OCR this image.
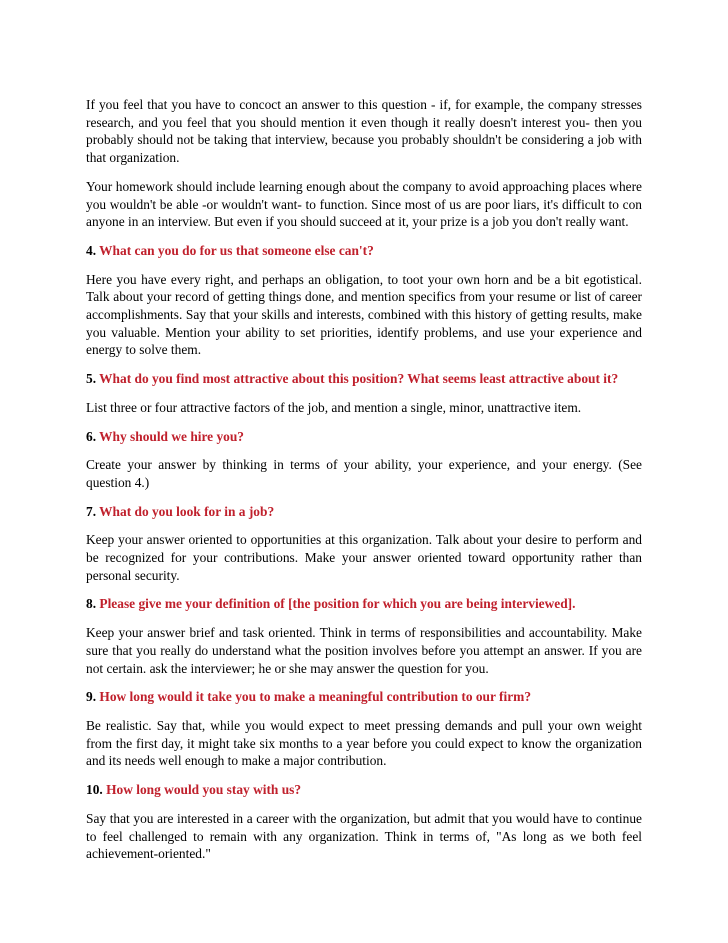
If you feel that you have to concoct an answer to this question - if, for example, the company stresses research, and you feel that you should mention it even though it really doesn't interest you- then you probably should not be taking that interview, because you probably shouldn't be considering a job with that organization.

Your homework should include learning enough about the company to avoid approaching places where you wouldn't be able -or wouldn't want- to function. Since most of us are poor liars, it's difficult to con anyone in an interview. But even if you should succeed at it, your prize is a job you don't really want.

4. What can you do for us that someone else can't?

Here you have every right, and perhaps an obligation, to toot your own horn and be a bit egotistical. Talk about your record of getting things done, and mention specifics from your resume or list of career accomplishments. Say that your skills and interests, combined with this history of getting results, make you valuable. Mention your ability to set priorities, identify problems, and use your experience and energy to solve them.

5. What do you find most attractive about this position? What seems least attractive about it?

List three or four attractive factors of the job, and mention a single, minor, unattractive item.

6. Why should we hire you?

Create your answer by thinking in terms of your ability, your experience, and your energy. (See question 4.)

7. What do you look for in a job?

Keep your answer oriented to opportunities at this organization. Talk about your desire to perform and be recognized for your contributions. Make your answer oriented toward opportunity rather than personal security.

8. Please give me your definition of [the position for which you are being interviewed].

Keep your answer brief and task oriented. Think in terms of responsibilities and accountability. Make sure that you really do understand what the position involves before you attempt an answer. If you are not certain. ask the interviewer; he or she may answer the question for you.

9. How long would it take you to make a meaningful contribution to our firm?

Be realistic. Say that, while you would expect to meet pressing demands and pull your own weight from the first day, it might take six months to a year before you could expect to know the organization and its needs well enough to make a major contribution.

10. How long would you stay with us?

Say that you are interested in a career with the organization, but admit that you would have to continue to feel challenged to remain with any organization. Think in terms of, "As long as we both feel achievement-oriented."
